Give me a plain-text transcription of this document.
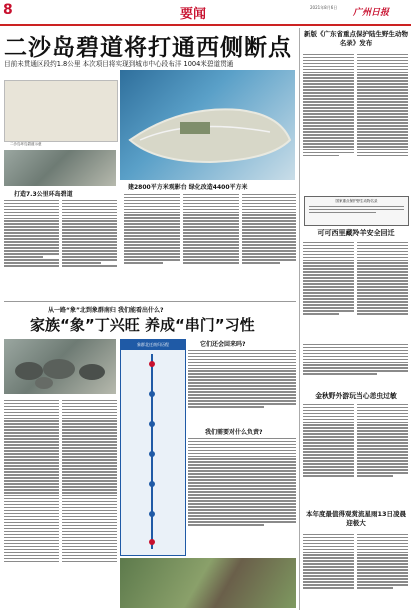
8	要闻	2021年8月6日
广州日报
二沙岛碧道将打通西侧断点
目前未贯通区段约1.8公里 本次项目将实现到城市中心段布洋 1004米碧道贯通
二沙岛环岛碧道示意
打造7.3公里环岛碧道
建2800平方米观影台 绿化改造4400平方米
从一路“象”北到象群南归 我们能看出什么?
家族“象”丁兴旺 养成“串门”习性
象群北迁南归历程	它们还会回来吗?
我们需要对什么负责?
新版《广东省重点保护陆生野生动物名录》发布
国家重点保护野生动物名录
可可西里藏羚羊安全回迁
金秋野外游玩当心恙虫过敏
本年度最值得观赏流星雨13日凌晨迎极大
